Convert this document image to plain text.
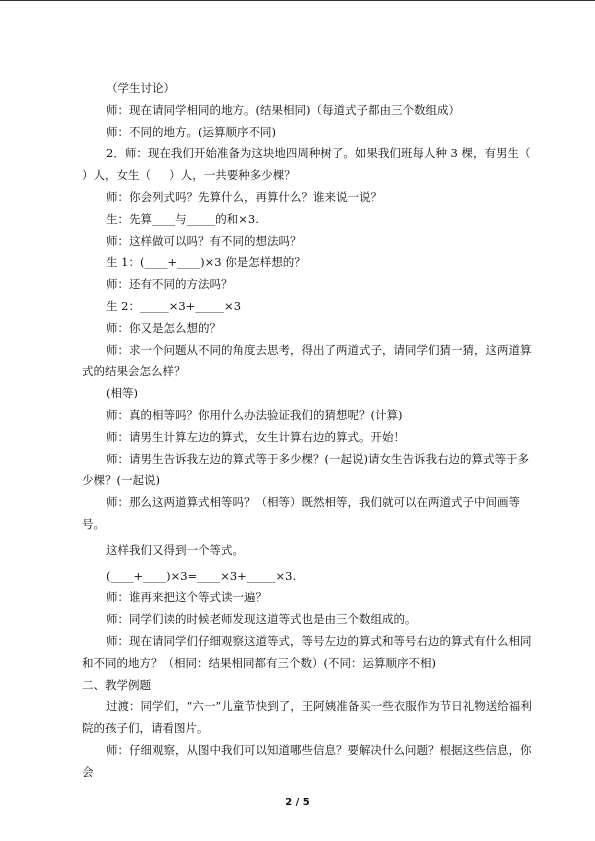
（学生讨论）

师：现在请同学相同的地方。(结果相同)（每道式子都由三个数组成）

师：不同的地方。(运算顺序不同)

2．师：现在我们开始准备为这块地四周种树了。如果我们班每人种 3 棵，有男生（     ）人，女生（     ）人，一共要种多少棵？

师：你会列式吗？先算什么，再算什么？谁来说一说？

生：先算____与_____的和×3.

师：这样做可以吗？有不同的想法吗？

生 1：(____+____)×3 你是怎样想的？

师：还有不同的方法吗？

生 2：_____×3+_____×3

师：你又是怎么想的？

师：求一个问题从不同的角度去思考，得出了两道式子，请同学们猜一猜，这两道算式的结果会怎么样？

(相等)

师：真的相等吗？你用什么办法验证我们的猜想呢？(计算)

师：请男生计算左边的算式，女生计算右边的算式。开始！

师：请男生告诉我左边的算式等于多少棵？(一起说)请女生告诉我右边的算式等于多少棵？(一起说)

师：那么这两道算式相等吗？（相等）既然相等，我们就可以在两道式子中间画等号。

这样我们又得到一个等式。

(____+____)×3=____×3+_____×3.

师：谁再来把这个等式读一遍？

师：同学们读的时候老师发现这道等式也是由三个数组成的。

师：现在请同学们仔细观察这道等式，等号左边的算式和等号右边的算式有什么相同和不同的地方？（相同：结果相同都有三个数）(不同：运算顺序不相)

二、教学例题

过渡：同学们，“六一”儿童节快到了，王阿姨准备买一些衣服作为节日礼物送给福利院的孩子们，请看图片。

师：仔细观察，从图中我们可以知道哪些信息？要解决什么问题？根据这些信息，你会

2 / 5
